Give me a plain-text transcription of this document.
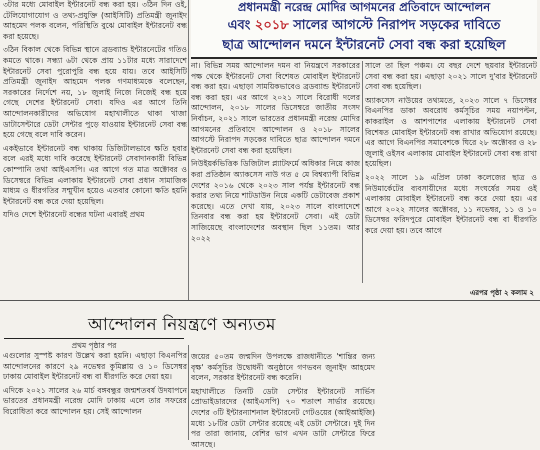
৩টার মধ্যে মোবাইল ইন্টারনেট বন্ধ করা হয়। ৩ঠিন দিন ওই, টেলিযোগাযোগ ও তথ্য-প্রযুক্তি (আইসিটি) প্রতিমন্ত্রী জুনাইদ আহমেদ পলক বলেন, পরিস্থিতি বুঝে মোবাইল ইন্টারনেট বন্ধ করা হয়েছে।

৩ঠিন বিকাল থেকে বিভিন্ন স্থানে ব্রডব্যান্ড ইন্টারনেটের গতিও কমতে থাকে। সন্ধ্যা ৬টা থেকে প্রায় ১১টার মধ্যে সারাদেশে ইন্টারনেট সেবা পুরোপুরি বন্ধ হয়ে যায়। তবে আইসিটি প্রতিমন্ত্রী জুনাইদ আহমেদ পলক গণমাধ্যমকে বলেছেন, সরকারের নির্দেশে নয়, ১৮ জুলাই নিজে নিজেই বন্ধ হয়ে গেছে দেশের ইন্টারনেট সেবা। যদিও এর আগে তিনি আন্দোলনকারীদের অভিযোগ মহাখালীতে থাকা খাজা ডাটাসেন্টারে ডেটা সেন্টার পুড়ে যাওয়ায় ইন্টারনেট সেবা বন্ধ হয়ে গেছে বলে দাবি করেন।

একইভাবে ইন্টারনেট বন্ধ থাকায় ডিজিটালভাবে ক্ষতি হবার বলে এরই মধ্যে দাবি করেছে ইন্টারনেট সেবাদানকারী বিভিন্ন কোম্পানি তথা আইএসপি। এর আগে গত মাত্র অক্টোবর ও ডিসেম্বরে বিভিন্ন এলাকায় ইন্টারনেট সেবা প্রধান সামাজিক মাধ্যম ও ধীরগতির সম্মুখীন হয়েও এতবার কোনো ক্ষতি হয়নি ইন্টারনেট বন্ধ করে দেয়া হয়েছিল।

যদিও দেশে ইন্টারনেট বন্ধের ঘটনা এবারই প্রথম

প্রধানমন্ত্রী নরেন্দ্র মোদির আগমনের প্রতিবাদে আন্দোলন
এবং ২০১৮ সালের আগস্টে নিরাপদ সড়কের দাবিতে
ছাত্র আন্দোলন দমনে ইন্টারনেট সেবা বন্ধ করা হয়েছিল

না। বিভিন্ন সময় আন্দোলন দমন বা নিয়ন্ত্রণে সরকারের পক্ষ থেকে ইন্টারনেট সেবা বিশেষত মোবাইল ইন্টারনেট বন্ধ করা হয়। এছাড়া সাময়িকভাবেও ব্রডব্যান্ড ইন্টারনেট বন্ধ করা হয়। এর আগে ২০২১ সালে বিরোধী দলের আন্দোলন, ২০১৮ সালের ডিসেম্বরে জাতীয় সংসদ নির্বাচন, ২০২১ সালে ভারতের প্রধানমন্ত্রী নরেন্দ্র মোদির আগমনের প্রতিবাদে আন্দোলন ও ২০১৮ সালের আগস্টে নিরাপদ সড়কের দাবিতে ছাত্র আন্দোলন দমনে ইন্টারনেট সেবা বন্ধ করা হয়েছিল।

নিউইয়র্কভিত্তিক ডিজিটাল প্ল্যাটফর্মে অধিকার নিয়ে কাজ করা প্রতিষ্ঠান অ্যাকসেস নাউ গত ৫ মে বিশ্বব্যাপী বিভিন্ন দেশের ২০১৬ থেকে ২০২৩ সাল পর্যন্ত ইন্টারনেট বন্ধ করার তথ্য নিয়ে শাটডাউন নিয়ে একটি ডেটাবেজ প্রকাশ করেছে। এতে দেখা যায়, ২০২৩ সালে বাংলাদেশে তিনবার বন্ধ করা হয় ইন্টারনেট সেবা। এই ডেটা সাজিয়েছে বাংলাদেশের অবস্থান ছিল ১১তম। আর ২০২২

সালে তা ছিল পঞ্চম। যে বছর দেশে ছয়বার ইন্টারনেট সেবা বন্ধ করা হয়। এছাড়া ২০২১ সালে দু'বার ইন্টারনেট সেবা বন্ধ হয়েছিল।

অ্যাকসেস নাউয়ের তথ্যমতে, ২০২৩ সালে ৭ ডিসেম্বর বিএনপির ডাকা অবরোধ কর্মসূচির সময় নয়াপল্টন, কাকরাইল ও আশপাশের এলাকায় ইন্টারনেট সেবা বিশেষত মোবাইল ইন্টারনেট বন্ধ রাখার অভিযোগ রয়েছে। এর আগে বিএনপির সমাবেশকে ঘিরে ২৮ অক্টোবর ও ২৮ জুলাই ওইসব এলাকায় মোবাইল ইন্টারনেট সেবা বন্ধ রাখা হয়েছিল।

২০২২ সালে ১৯ এপ্রিল ঢাকা কলেজের ছাত্র ও নিউমার্কেটের ব্যবসায়ীদের মধ্যে সংঘর্ষের সময় ওই এলাকায় মোবাইল ইন্টারনেট বন্ধ করে দেয়া হয়। এর আগে ২০২২ সালের অক্টোবর, ১১ নভেম্বর, ১১ ও ১০ ডিসেম্বর ফরিদপুরে মোবাইল ইন্টারনেট বন্ধ বা ধীরগতি করে দেয়া হয়। তবে আগে

এরপর পৃষ্ঠা ২ কলাম ২
আন্দোলন নিয়ন্ত্রণে অন্যতম
প্রথম পৃষ্ঠার পর

এগুলোর সুস্পষ্ট কারণ উল্লেখ করা হয়নি। এছাড়া বিএনপির আন্দোলনের কারণে ২৯ নভেম্বর কুমিল্লায় ও ১০ ডিসেম্বর ঢাকায় মোবাইল ইন্টারনেট বন্ধ বা ধীরগতি করে দেয়া হয়।

এদিকে ২০২১ সালের ২৬ মার্চ বঙ্গবন্ধুর জন্মশতবর্ষ উদযাপনে ভারতের প্রধানমন্ত্রী নরেন্দ্র মোদি ঢাকায় এলে তার সফরের বিরোধিতা করে আন্দোলন হয়। সেই আন্দোলন

জয়ের ৫০তম জন্মদিন উপলক্ষে রাজধানীতে 'শান্তির জন্য বৃক্ষ' কর্মসূচির উদ্বোধনী অনুষ্ঠানে গণভবন জুনাইদ আহমেদ বলেন, সরকার ইন্টারনেট বন্ধ করেনি।

মহাখালীতে তিনটি ডেটা সেন্টার ইন্টারনেট সার্ভিস প্রোভাইডারদের (আইএসপি) ৭০ শতাংশ সার্ভার রয়েছে। দেশের ৩টি ইন্টারন্যাশনাল ইন্টারনেট গেটওয়ের (আইআইজি) মধ্যে ১৮টির ডেটা সেন্টার রয়েছে এই ডেটা সেন্টারে। দুই দিন পর তারা জানায়, বেশির ভাগ এখন ডাটা সেন্টারে ফিরে আসছে।
